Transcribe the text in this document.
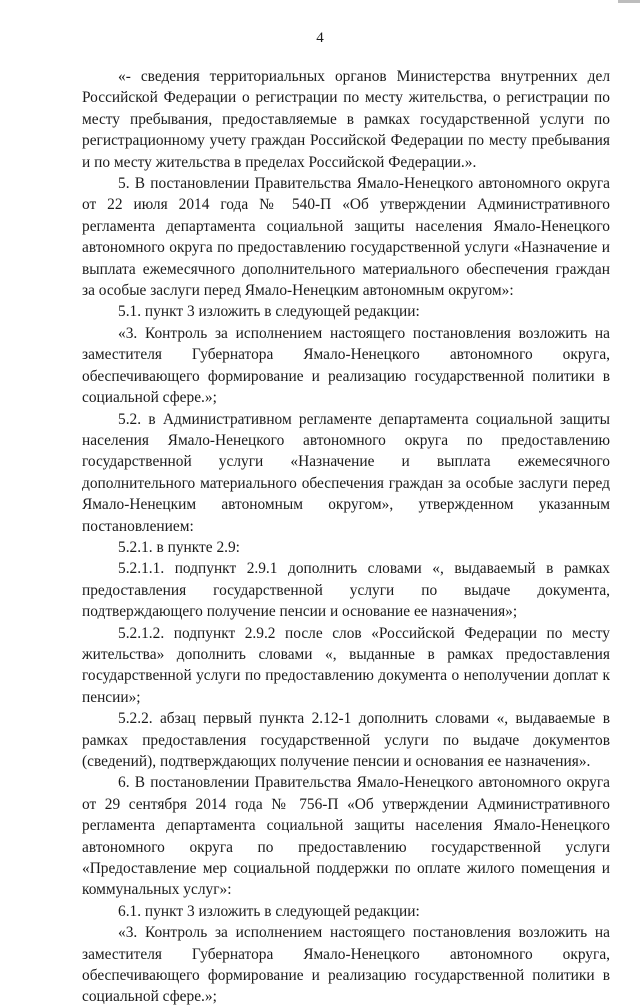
4

«- сведения территориальных органов Министерства внутренних дел Российской Федерации о регистрации по месту жительства, о регистрации по месту пребывания, предоставляемые в рамках государственной услуги по регистрационному учету граждан Российской Федерации по месту пребывания и по месту жительства в пределах Российской Федерации.».

5. В постановлении Правительства Ямало-Ненецкого автономного округа от 22 июля 2014 года № 540-П «Об утверждении Административного регламента департамента социальной защиты населения Ямало-Ненецкого автономного округа по предоставлению государственной услуги «Назначение и выплата ежемесячного дополнительного материального обеспечения граждан за особые заслуги перед Ямало-Ненецким автономным округом»:

5.1. пункт 3 изложить в следующей редакции:

«3. Контроль за исполнением настоящего постановления возложить на заместителя Губернатора Ямало-Ненецкого автономного округа, обеспечивающего формирование и реализацию государственной политики в социальной сфере.»;

5.2. в Административном регламенте департамента социальной защиты населения Ямало-Ненецкого автономного округа по предоставлению государственной услуги «Назначение и выплата ежемесячного дополнительного материального обеспечения граждан за особые заслуги перед Ямало-Ненецким автономным округом», утвержденном указанным постановлением:

5.2.1. в пункте 2.9:

5.2.1.1. подпункт 2.9.1 дополнить словами «, выдаваемый в рамках предоставления государственной услуги по выдаче документа, подтверждающего получение пенсии и основание ее назначения»;

5.2.1.2. подпункт 2.9.2 после слов «Российской Федерации по месту жительства» дополнить словами «, выданные в рамках предоставления государственной услуги по предоставлению документа о неполучении доплат к пенсии»;

5.2.2. абзац первый пункта 2.12-1 дополнить словами «, выдаваемые в рамках предоставления государственной услуги по выдаче документов (сведений), подтверждающих получение пенсии и основания ее назначения».

6. В постановлении Правительства Ямало-Ненецкого автономного округа от 29 сентября 2014 года № 756-П «Об утверждении Административного регламента департамента социальной защиты населения Ямало-Ненецкого автономного округа по предоставлению государственной услуги «Предоставление мер социальной поддержки по оплате жилого помещения и коммунальных услуг»:

6.1. пункт 3 изложить в следующей редакции:

«3. Контроль за исполнением настоящего постановления возложить на заместителя Губернатора Ямало-Ненецкого автономного округа, обеспечивающего формирование и реализацию государственной политики в социальной сфере.»;
